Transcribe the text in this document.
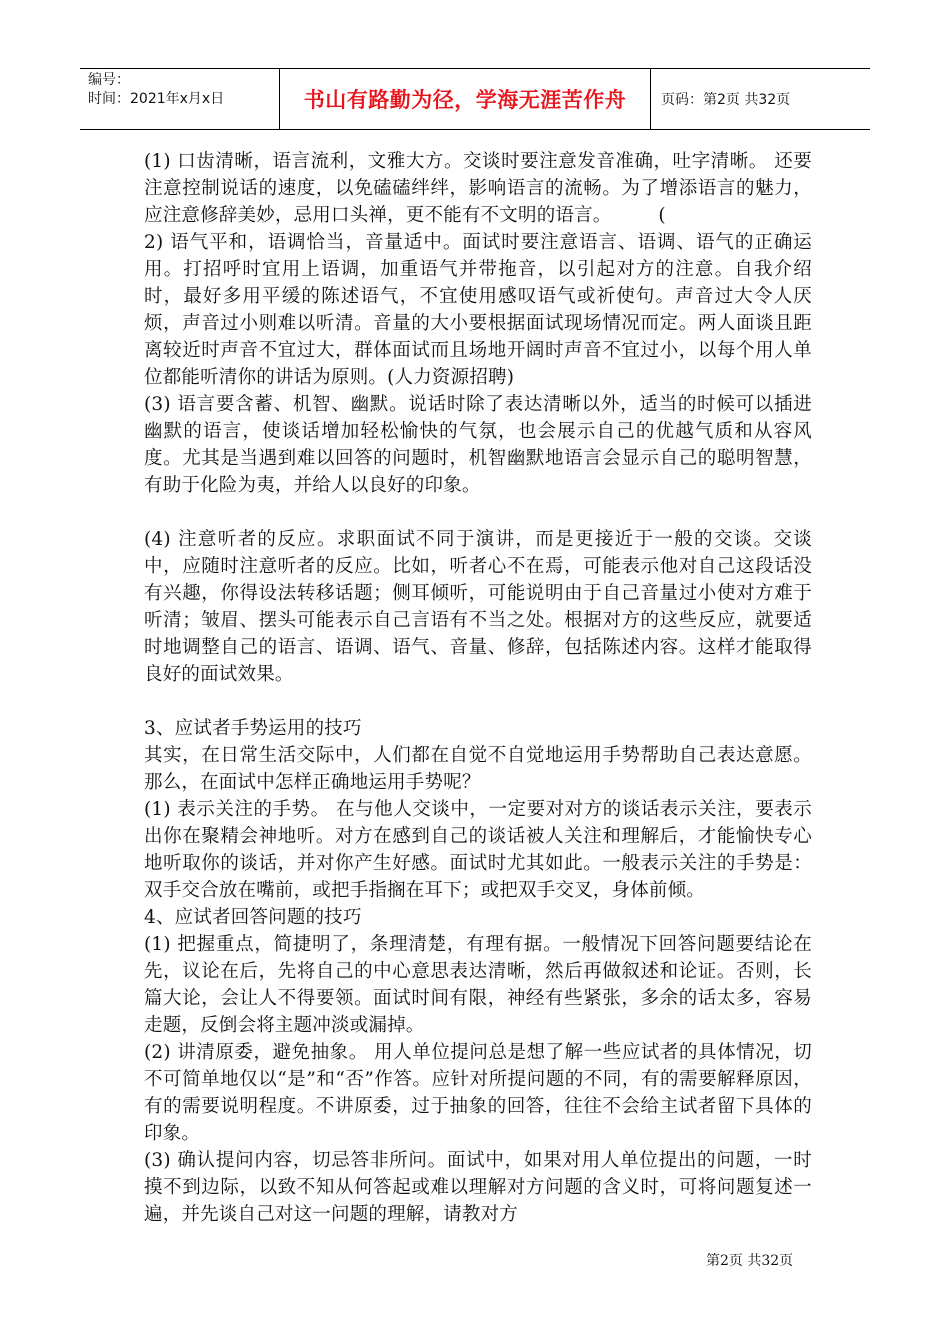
编号：
时间：2021年x月x日	书山有路勤为径，学海无涯苦作舟	页码：第2页 共32页

(1) 口齿清晰，语言流利，文雅大方。交谈时要注意发音准确，吐字清晰。 还要注意控制说话的速度，以免磕磕绊绊，影响语言的流畅。为了增添语言的魅力，应注意修辞美妙，忌用口头禅，更不能有不文明的语言。　　　(

2) 语气平和，语调恰当，音量适中。面试时要注意语言、语调、语气的正确运用。打招呼时宜用上语调，加重语气并带拖音，以引起对方的注意。自我介绍时，最好多用平缓的陈述语气，不宜使用感叹语气或祈使句。声音过大令人厌烦，声音过小则难以听清。音量的大小要根据面试现场情况而定。两人面谈且距离较近时声音不宜过大，群体面试而且场地开阔时声音不宜过小，以每个用人单位都能听清你的讲话为原则。(人力资源招聘)

(3) 语言要含蓄、机智、幽默。说话时除了表达清晰以外，适当的时候可以插进幽默的语言，使谈话增加轻松愉快的气氛，也会展示自己的优越气质和从容风度。尤其是当遇到难以回答的问题时，机智幽默地语言会显示自己的聪明智慧，有助于化险为夷，并给人以良好的印象。

(4) 注意听者的反应。求职面试不同于演讲，而是更接近于一般的交谈。交谈中，应随时注意听者的反应。比如，听者心不在焉，可能表示他对自己这段话没有兴趣，你得设法转移话题；侧耳倾听，可能说明由于自己音量过小使对方难于听清；皱眉、摆头可能表示自己言语有不当之处。根据对方的这些反应，就要适时地调整自己的语言、语调、语气、音量、修辞，包括陈述内容。这样才能取得良好的面试效果。

3、应试者手势运用的技巧

其实，在日常生活交际中，人们都在自觉不自觉地运用手势帮助自己表达意愿。那么，在面试中怎样正确地运用手势呢？

(1) 表示关注的手势。 在与他人交谈中，一定要对对方的谈话表示关注，要表示出你在聚精会神地听。对方在感到自己的谈话被人关注和理解后，才能愉快专心地听取你的谈话，并对你产生好感。面试时尤其如此。一般表示关注的手势是：双手交合放在嘴前，或把手指搁在耳下；或把双手交叉，身体前倾。

4、应试者回答问题的技巧

(1) 把握重点，简捷明了，条理清楚，有理有据。一般情况下回答问题要结论在先，议论在后，先将自己的中心意思表达清晰，然后再做叙述和论证。否则，长篇大论，会让人不得要领。面试时间有限，神经有些紧张，多余的话太多，容易走题，反倒会将主题冲淡或漏掉。

(2) 讲清原委，避免抽象。 用人单位提问总是想了解一些应试者的具体情况，切不可简单地仅以“是”和“否”作答。应针对所提问题的不同，有的需要解释原因，有的需要说明程度。不讲原委，过于抽象的回答，往往不会给主试者留下具体的印象。

(3) 确认提问内容，切忌答非所问。面试中，如果对用人单位提出的问题，一时摸不到边际，以致不知从何答起或难以理解对方问题的含义时，可将问题复述一遍，并先谈自己对这一问题的理解，请教对方

第2页 共32页
